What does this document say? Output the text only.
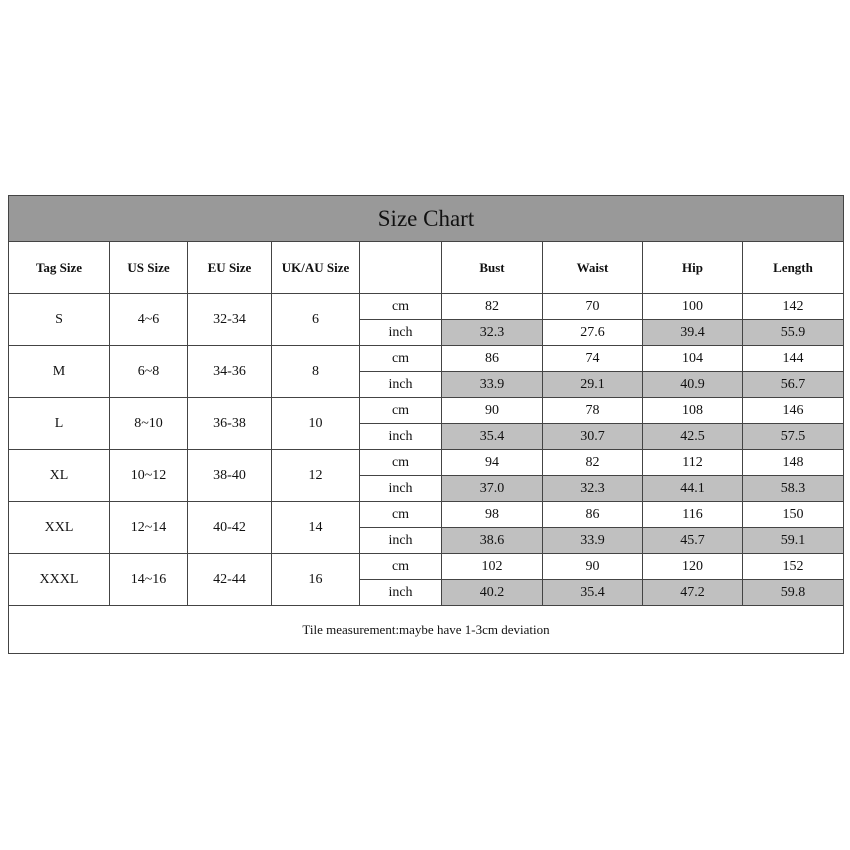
Size Chart								
Tag Size	US Size	EU Size	UK/AU Size		Bust	Waist	Hip	Length
S	4~6	32-34	6	cm	82	70	100	142
				inch	32.3	27.6	39.4	55.9
M	6~8	34-36	8	cm	86	74	104	144
				inch	33.9	29.1	40.9	56.7
L	8~10	36-38	10	cm	90	78	108	146
				inch	35.4	30.7	42.5	57.5
XL	10~12	38-40	12	cm	94	82	112	148
				inch	37.0	32.3	44.1	58.3
XXL	12~14	40-42	14	cm	98	86	116	150
				inch	38.6	33.9	45.7	59.1
XXXL	14~16	42-44	16	cm	102	90	120	152
				inch	40.2	35.4	47.2	59.8
Tile measurement:maybe have 1-3cm deviation								
